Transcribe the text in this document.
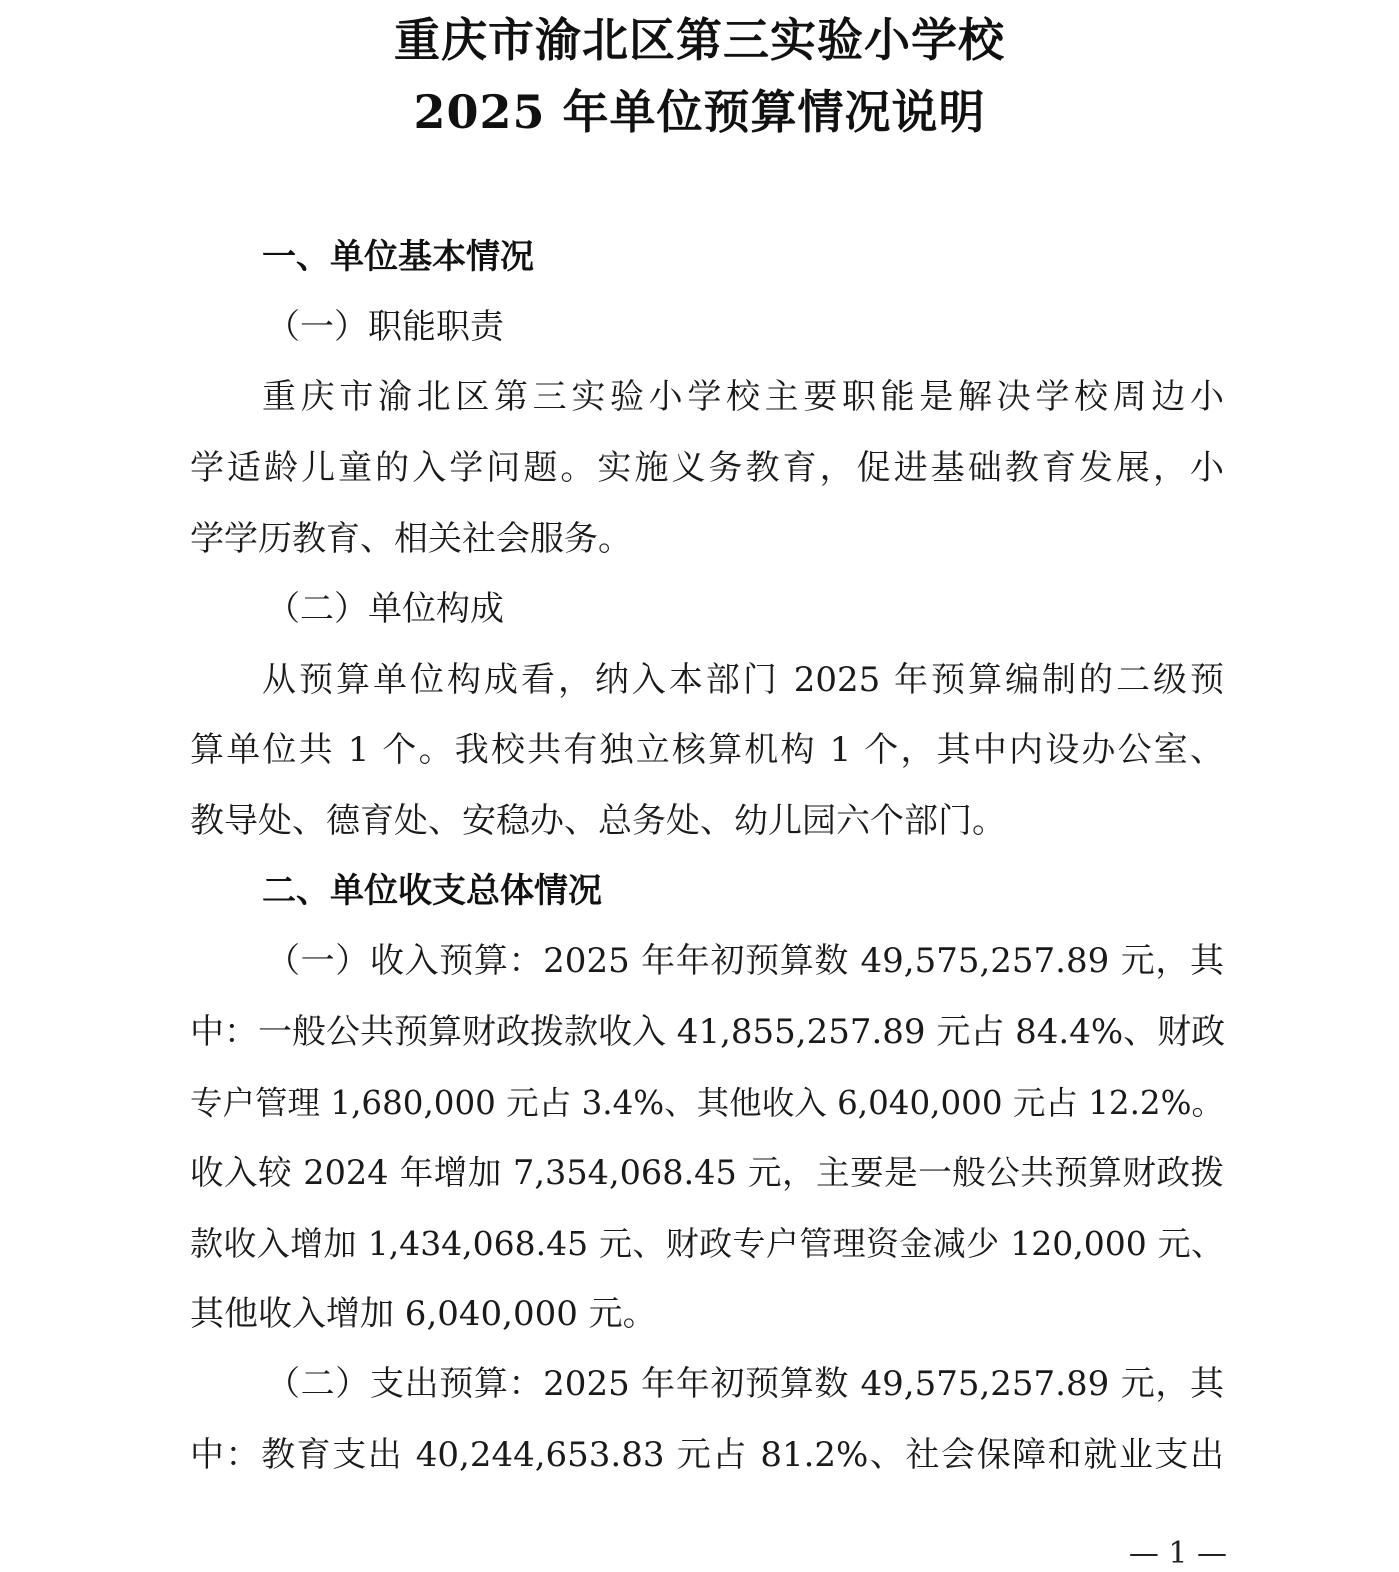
重庆市渝北区第三实验小学校
2025 年单位预算情况说明
一、单位基本情况
（一）职能职责
重庆市渝北区第三实验小学校主要职能是解决学校周边小
学适龄儿童的入学问题。实施义务教育，促进基础教育发展，小
学学历教育、相关社会服务。
（二）单位构成
从预算单位构成看，纳入本部门 2025 年预算编制的二级预
算单位共 1 个。我校共有独立核算机构 1 个，其中内设办公室、
教导处、德育处、安稳办、总务处、幼儿园六个部门。
二、单位收支总体情况
（一）收入预算：2025 年年初预算数 49,575,257.89 元，其
中：一般公共预算财政拨款收入 41,855,257.89 元占 84.4%、财政
专户管理 1,680,000 元占 3.4%、其他收入 6,040,000 元占 12.2%。
收入较 2024 年增加 7,354,068.45 元，主要是一般公共预算财政拨
款收入增加 1,434,068.45 元、财政专户管理资金减少 120,000 元、
其他收入增加 6,040,000 元。
（二）支出预算：2025 年年初预算数 49,575,257.89 元，其
中：教育支出 40,244,653.83 元占 81.2%、社会保障和就业支出
— 1 —
